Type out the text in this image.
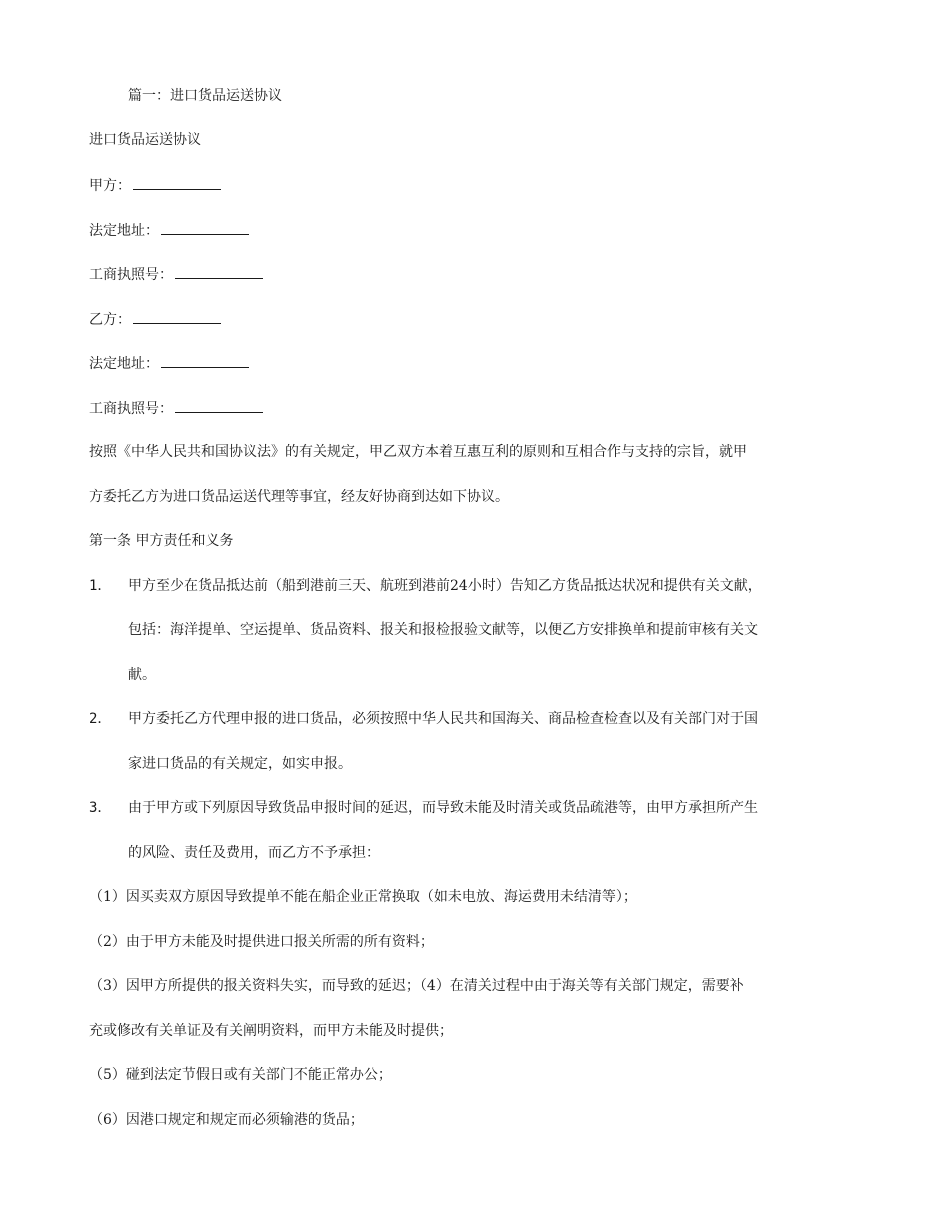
篇一：进口货品运送协议
进口货品运送协议
甲方：
法定地址：
工商执照号：
乙方：
法定地址：
工商执照号：
按照《中华人民共和国协议法》的有关规定，甲乙双方本着互惠互利的原则和互相合作与支持的宗旨，就甲
方委托乙方为进口货品运送代理等事宜，经友好协商到达如下协议。
第一条 甲方责任和义务
1． 甲方至少在货品抵达前（船到港前三天、航班到港前24小时）告知乙方货品抵达状况和提供有关文献，
包括：海洋提单、空运提单、货品资料、报关和报检报验文献等，以便乙方安排换单和提前审核有关文
献。
2． 甲方委托乙方代理申报的进口货品，必须按照中华人民共和国海关、商品检查检查以及有关部门对于国
家进口货品的有关规定，如实申报。
3． 由于甲方或下列原因导致货品申报时间的延迟，而导致未能及时清关或货品疏港等，由甲方承担所产生
的风险、责任及费用，而乙方不予承担：
（1）因买卖双方原因导致提单不能在船企业正常换取（如未电放、海运费用未结清等）；
（2）由于甲方未能及时提供进口报关所需的所有资料；
（3）因甲方所提供的报关资料失实，而导致的延迟；（4）在清关过程中由于海关等有关部门规定，需要补
充或修改有关单证及有关阐明资料，而甲方未能及时提供；
（5）碰到法定节假日或有关部门不能正常办公；
（6）因港口规定和规定而必须输港的货品；
